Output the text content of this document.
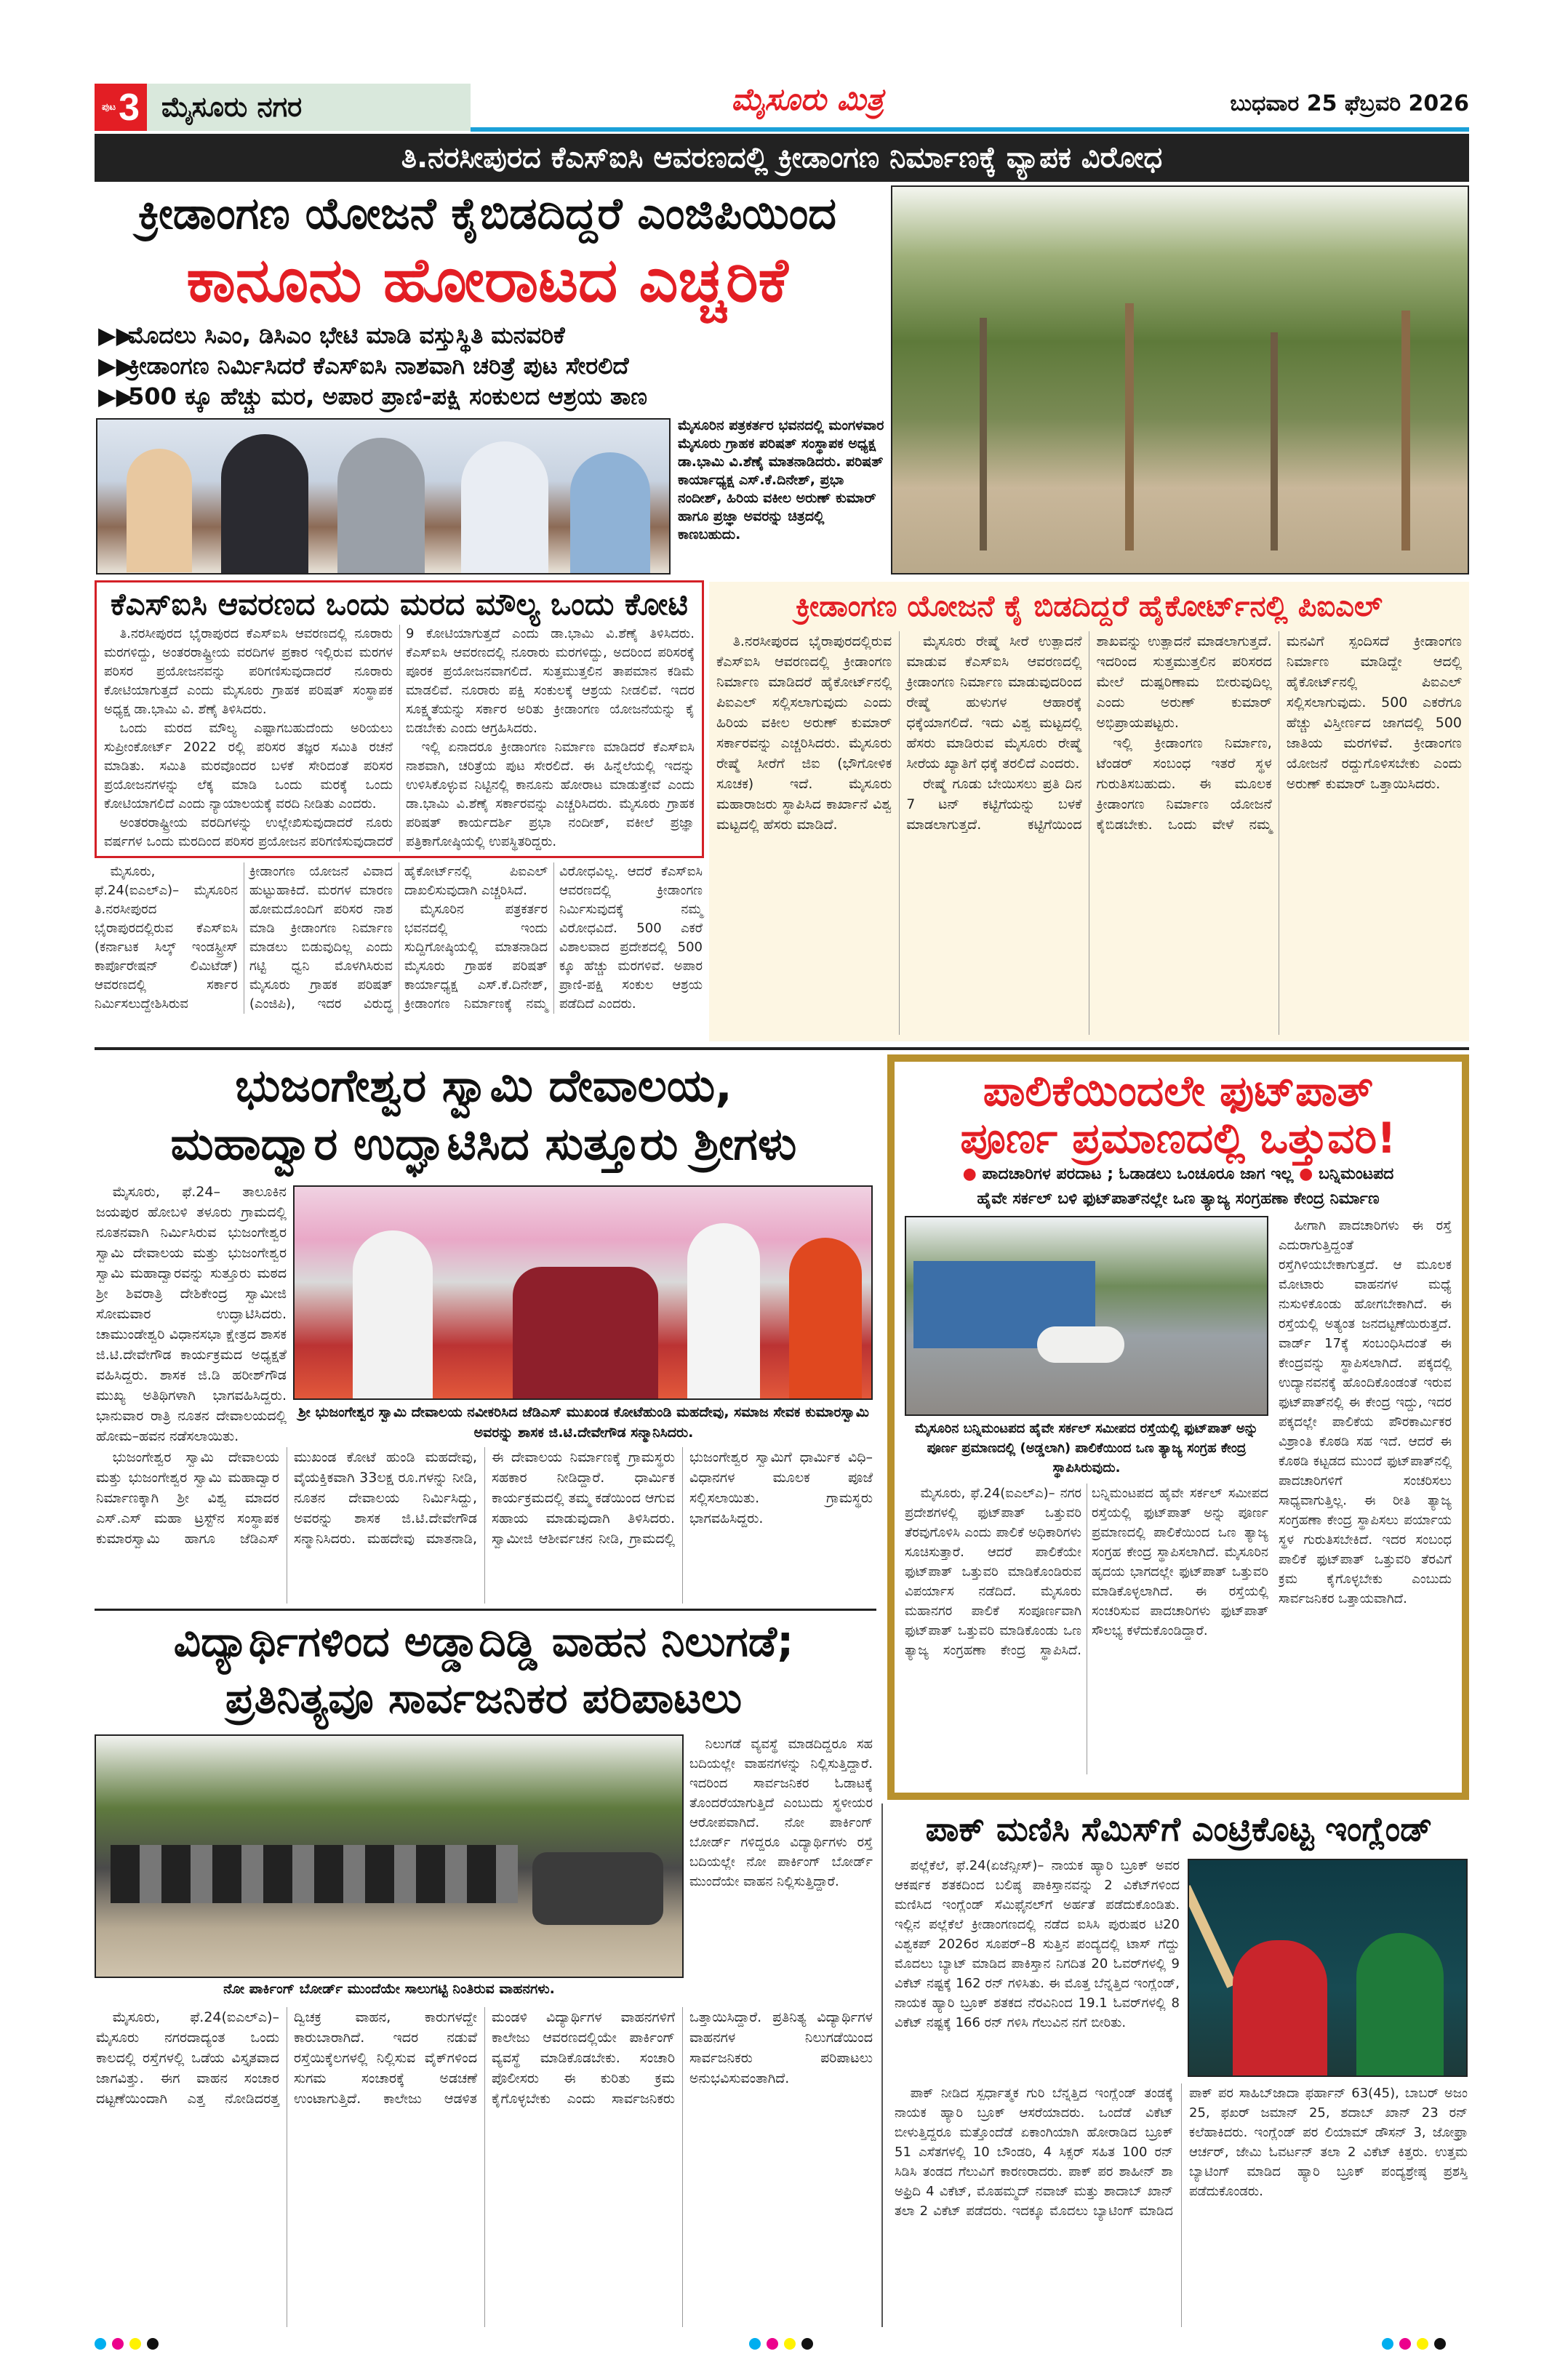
ಪುಟ 3 ಮೈಸೂರು ನಗರ	ಮೈಸೂರು ಮಿತ್ರ	ಬುಧವಾರ 25 ಫೆಬ್ರವರಿ 2026
ತಿ.ನರಸೀಪುರದ ಕೆಎಸ್‌ಐಸಿ ಆವರಣದಲ್ಲಿ ಕ್ರೀಡಾಂಗಣ ನಿರ್ಮಾಣಕ್ಕೆ ವ್ಯಾಪಕ ವಿರೋಧ
ಕ್ರೀಡಾಂಗಣ ಯೋಜನೆ ಕೈಬಿಡದಿದ್ದರೆ ಎಂಜಿಪಿಯಿಂದ
ಕಾನೂನು ಹೋರಾಟದ ಎಚ್ಚರಿಕೆ
▶▶ ಮೊದಲು ಸಿಎಂ, ಡಿಸಿಎಂ ಭೇಟಿ ಮಾಡಿ ವಸ್ತುಸ್ಥಿತಿ ಮನವರಿಕೆ
▶▶ ಕ್ರೀಡಾಂಗಣ ನಿರ್ಮಿಸಿದರೆ ಕೆಎಸ್‌ಐಸಿ ನಾಶವಾಗಿ ಚರಿತ್ರೆ ಪುಟ ಸೇರಲಿದೆ
▶▶ 500 ಕ್ಕೂ ಹೆಚ್ಚು ಮರ, ಅಪಾರ ಪ್ರಾಣಿ-ಪಕ್ಷಿ ಸಂಕುಲದ ಆಶ್ರಯ ತಾಣ
ಮೈಸೂರಿನ ಪತ್ರಕರ್ತರ ಭವನದಲ್ಲಿ ಮಂಗಳವಾರ ಮೈಸೂರು ಗ್ರಾಹಕ ಪರಿಷತ್ ಸಂಸ್ಥಾಪಕ ಅಧ್ಯಕ್ಷ ಡಾ.ಭಾಮಿ ವಿ.ಶೆಣೈ ಮಾತನಾಡಿದರು. ಪರಿಷತ್ ಕಾರ್ಯಾಧ್ಯಕ್ಷ ಎಸ್.ಕೆ.ದಿನೇಶ್, ಪ್ರಭಾ ನಂದೀಶ್, ಹಿರಿಯ ವಕೀಲ ಅರುಣ್ ಕುಮಾರ್ ಹಾಗೂ ಪ್ರಜ್ಞಾ ಅವರನ್ನು ಚಿತ್ರದಲ್ಲಿ ಕಾಣಬಹುದು.
ಕೆಎಸ್‌ಐಸಿ ಆವರಣದ ಒಂದು ಮರದ ಮೌಲ್ಯ ಒಂದು ಕೋಟಿ

ತಿ.ನರಸೀಪುರದ ಭೈರಾಪುರದ ಕೆಎಸ್‌ಐಸಿ ಆವರಣದಲ್ಲಿ ನೂರಾರು ಮರಗಳಿದ್ದು, ಅಂತರರಾಷ್ಟ್ರೀಯ ವರದಿಗಳ ಪ್ರಕಾರ ಇಲ್ಲಿರುವ ಮರಗಳ ಪರಿಸರ ಪ್ರಯೋಜನವನ್ನು ಪರಿಗಣಿಸುವುದಾದರೆ ನೂರಾರು ಕೋಟಿಯಾಗುತ್ತದೆ ಎಂದು ಮೈಸೂರು ಗ್ರಾಹಕ ಪರಿಷತ್ ಸಂಸ್ಥಾಪಕ ಅಧ್ಯಕ್ಷ ಡಾ.ಭಾಮಿ ವಿ. ಶೆಣೈ ತಿಳಿಸಿದರು.

ಒಂದು ಮರದ ಮೌಲ್ಯ ಎಷ್ಟಾಗಬಹುದೆಂದು ಅರಿಯಲು ಸುಪ್ರೀಂಕೋರ್ಟ್ 2022 ರಲ್ಲಿ ಪರಿಸರ ತಜ್ಞರ ಸಮಿತಿ ರಚನೆ ಮಾಡಿತು. ಸಮಿತಿ ಮರವೊಂದರ ಬಳಕೆ ಸೇರಿದಂತೆ ಪರಿಸರ ಪ್ರಯೋಜನಗಳನ್ನು ಲೆಕ್ಕ ಮಾಡಿ ಒಂದು ಮರಕ್ಕೆ ಒಂದು ಕೋಟಿಯಾಗಲಿದೆ ಎಂದು ನ್ಯಾಯಾಲಯಕ್ಕೆ ವರದಿ ನೀಡಿತು ಎಂದರು.

ಅಂತರರಾಷ್ಟ್ರೀಯ ವರದಿಗಳನ್ನು ಉಲ್ಲೇಖಿಸುವುದಾದರೆ ನೂರು ವರ್ಷಗಳ ಒಂದು ಮರದಿಂದ ಪರಿಸರ ಪ್ರಯೋಜನ ಪರಿಗಣಿಸುವುದಾದರೆ 9 ಕೋಟಿಯಾಗುತ್ತದೆ ಎಂದು ಡಾ.ಭಾಮಿ ವಿ.ಶೆಣೈ ತಿಳಿಸಿದರು. ಕೆಎಸ್‌ಐಸಿ ಆವರಣದಲ್ಲಿ ನೂರಾರು ಮರಗಳಿದ್ದು, ಅದರಿಂದ ಪರಿಸರಕ್ಕೆ ಪೂರಕ ಪ್ರಯೋಜನವಾಗಲಿದೆ. ಸುತ್ತಮುತ್ತಲಿನ ತಾಪಮಾನ ಕಡಿಮೆ ಮಾಡಲಿವೆ. ನೂರಾರು ಪಕ್ಷಿ ಸಂಕುಲಕ್ಕೆ ಆಶ್ರಯ ನೀಡಲಿವೆ. ಇದರ ಸೂಕ್ಷ್ಮತೆಯನ್ನು ಸರ್ಕಾರ ಅರಿತು ಕ್ರೀಡಾಂಗಣ ಯೋಜನೆಯನ್ನು ಕೈ ಬಿಡಬೇಕು ಎಂದು ಆಗ್ರಹಿಸಿದರು.

ಇಲ್ಲಿ ಏನಾದರೂ ಕ್ರೀಡಾಂಗಣ ನಿರ್ಮಾಣ ಮಾಡಿದರೆ ಕೆಎಸ್‌ಐಸಿ ನಾಶವಾಗಿ, ಚರಿತ್ರೆಯ ಪುಟ ಸೇರಲಿದೆ. ಈ ಹಿನ್ನೆಲೆಯಲ್ಲಿ ಇದನ್ನು ಉಳಿಸಿಕೊಳ್ಳುವ ನಿಟ್ಟಿನಲ್ಲಿ ಕಾನೂನು ಹೋರಾಟ ಮಾಡುತ್ತೇವೆ ಎಂದು ಡಾ.ಭಾಮಿ ವಿ.ಶೆಣೈ ಸರ್ಕಾರವನ್ನು ಎಚ್ಚರಿಸಿದರು. ಮೈಸೂರು ಗ್ರಾಹಕ ಪರಿಷತ್ ಕಾರ್ಯದರ್ಶಿ ಪ್ರಭಾ ನಂದೀಶ್, ವಕೀಲೆ ಪ್ರಜ್ಞಾ ಪತ್ರಿಕಾಗೋಷ್ಠಿಯಲ್ಲಿ ಉಪಸ್ಥಿತರಿದ್ದರು.

ಮೈಸೂರು, ಫೆ.24(ಐಎಲ್‌ಎ)– ಮೈಸೂರಿನ ತಿ.ನರಸೀಪುರದ ಭೈರಾಪುರದಲ್ಲಿರುವ ಕೆಎಸ್‌ಐಸಿ (ಕರ್ನಾಟಕ ಸಿಲ್ಕ್ ಇಂಡಸ್ಟ್ರೀಸ್ ಕಾರ್ಪೊರೇಷನ್ ಲಿಮಿಟೆಡ್) ಆವರಣದಲ್ಲಿ ಸರ್ಕಾರ ನಿರ್ಮಿಸಲುದ್ದೇಶಿಸಿರುವ ಕ್ರೀಡಾಂಗಣ ಯೋಜನೆ ವಿವಾದ ಹುಟ್ಟುಹಾಕಿದೆ. ಮರಗಳ ಮಾರಣ ಹೋಮದೊಂದಿಗೆ ಪರಿಸರ ನಾಶ ಮಾಡಿ ಕ್ರೀಡಾಂಗಣ ನಿರ್ಮಾಣ ಮಾಡಲು ಬಿಡುವುದಿಲ್ಲ ಎಂದು ಗಟ್ಟಿ ಧ್ವನಿ ಮೊಳಗಿಸಿರುವ ಮೈಸೂರು ಗ್ರಾಹಕ ಪರಿಷತ್ (ಎಂಜಿಪಿ), ಇದರ ವಿರುದ್ಧ ಹೈಕೋರ್ಟ್‌ನಲ್ಲಿ ಪಿಐಎಲ್ ದಾಖಲಿಸುವುದಾಗಿ ಎಚ್ಚರಿಸಿದೆ.

ಮೈಸೂರಿನ ಪತ್ರಕರ್ತರ ಭವನದಲ್ಲಿ ಇಂದು ಸುದ್ದಿಗೋಷ್ಠಿಯಲ್ಲಿ ಮಾತನಾಡಿದ ಮೈಸೂರು ಗ್ರಾಹಕ ಪರಿಷತ್ ಕಾರ್ಯಾಧ್ಯಕ್ಷ ಎಸ್.ಕೆ.ದಿನೇಶ್, ಕ್ರೀಡಾಂಗಣ ನಿರ್ಮಾಣಕ್ಕೆ ನಮ್ಮ ವಿರೋಧವಿಲ್ಲ. ಆದರೆ ಕೆಎಸ್‌ಐಸಿ ಆವರಣದಲ್ಲಿ ಕ್ರೀಡಾಂಗಣ ನಿರ್ಮಿಸುವುದಕ್ಕೆ ನಮ್ಮ ವಿರೋಧವಿದೆ. 500 ಎಕರೆ ವಿಶಾಲವಾದ ಪ್ರದೇಶದಲ್ಲಿ 500 ಕ್ಕೂ ಹೆಚ್ಚು ಮರಗಳಿವೆ. ಅಪಾರ ಪ್ರಾಣಿ-ಪಕ್ಷಿ ಸಂಕುಲ ಆಶ್ರಯ ಪಡೆದಿದೆ ಎಂದರು.

ಕ್ರೀಡಾಂಗಣ ಯೋಜನೆ ಕೈ ಬಿಡದಿದ್ದರೆ ಹೈಕೋರ್ಟ್‌ನಲ್ಲಿ ಪಿಐಎಲ್

ತಿ.ನರಸೀಪುರದ ಭೈರಾಪುರದಲ್ಲಿರುವ ಕೆಎಸ್‌ಐಸಿ ಆವರಣದಲ್ಲಿ ಕ್ರೀಡಾಂಗಣ ನಿರ್ಮಾಣ ಮಾಡಿದರೆ ಹೈಕೋರ್ಟ್‌ನಲ್ಲಿ ಪಿಐಎಲ್ ಸಲ್ಲಿಸಲಾಗುವುದು ಎಂದು ಹಿರಿಯ ವಕೀಲ ಅರುಣ್ ಕುಮಾರ್ ಸರ್ಕಾರವನ್ನು ಎಚ್ಚರಿಸಿದರು. ಮೈಸೂರು ರೇಷ್ಮೆ ಸೀರೆಗೆ ಜಿಐ (ಭೌಗೋಳಿಕ ಸೂಚಕ) ಇದೆ. ಮೈಸೂರು ಮಹಾರಾಜರು ಸ್ಥಾಪಿಸಿದ ಕಾರ್ಖಾನೆ ವಿಶ್ವ ಮಟ್ಟದಲ್ಲಿ ಹೆಸರು ಮಾಡಿದೆ.

ಮೈಸೂರು ರೇಷ್ಮೆ ಸೀರೆ ಉತ್ಪಾದನೆ ಮಾಡುವ ಕೆಎಸ್‌ಐಸಿ ಆವರಣದಲ್ಲಿ ಕ್ರೀಡಾಂಗಣ ನಿರ್ಮಾಣ ಮಾಡುವುದರಿಂದ ರೇಷ್ಮೆ ಹುಳುಗಳ ಆಹಾರಕ್ಕೆ ಧಕ್ಕೆಯಾಗಲಿದೆ. ಇದು ವಿಶ್ವ ಮಟ್ಟದಲ್ಲಿ ಹೆಸರು ಮಾಡಿರುವ ಮೈಸೂರು ರೇಷ್ಮೆ ಸೀರೆಯ ಖ್ಯಾತಿಗೆ ಧಕ್ಕೆ ತರಲಿದೆ ಎಂದರು.

ರೇಷ್ಮೆ ಗೂಡು ಬೇಯಿಸಲು ಪ್ರತಿ ದಿನ 7 ಟನ್ ಕಟ್ಟಿಗೆಯನ್ನು ಬಳಕೆ ಮಾಡಲಾಗುತ್ತದೆ. ಕಟ್ಟಿಗೆಯಿಂದ ಶಾಖವನ್ನು ಉತ್ಪಾದನೆ ಮಾಡಲಾಗುತ್ತದೆ. ಇದರಿಂದ ಸುತ್ತಮುತ್ತಲಿನ ಪರಿಸರದ ಮೇಲೆ ದುಷ್ಪರಿಣಾಮ ಬೀರುವುದಿಲ್ಲ ಎಂದು ಅರುಣ್ ಕುಮಾರ್ ಅಭಿಪ್ರಾಯಪಟ್ಟರು.

ಇಲ್ಲಿ ಕ್ರೀಡಾಂಗಣ ನಿರ್ಮಾಣ, ಟೆಂಡರ್ ಸಂಬಂಧ ಇತರೆ ಸ್ಥಳ ಗುರುತಿಸಬಹುದು. ಈ ಮೂಲಕ ಕ್ರೀಡಾಂಗಣ ನಿರ್ಮಾಣ ಯೋಜನೆ ಕೈಬಿಡಬೇಕು. ಒಂದು ವೇಳೆ ನಮ್ಮ ಮನವಿಗೆ ಸ್ಪಂದಿಸದೆ ಕ್ರೀಡಾಂಗಣ ನಿರ್ಮಾಣ ಮಾಡಿದ್ದೇ ಆದಲ್ಲಿ ಹೈಕೋರ್ಟ್‌ನಲ್ಲಿ ಪಿಐಎಲ್ ಸಲ್ಲಿಸಲಾಗುವುದು. 500 ಎಕರೆಗೂ ಹೆಚ್ಚು ವಿಸ್ತೀರ್ಣದ ಜಾಗದಲ್ಲಿ 500 ಜಾತಿಯ ಮರಗಳಿವೆ. ಕ್ರೀಡಾಂಗಣ ಯೋಜನೆ ರದ್ದುಗೊಳಿಸಬೇಕು ಎಂದು ಅರುಣ್ ಕುಮಾರ್ ಒತ್ತಾಯಿಸಿದರು.

ಭುಜಂಗೇಶ್ವರ ಸ್ವಾಮಿ ದೇವಾಲಯ,
ಮಹಾದ್ವಾರ ಉದ್ಘಾಟಿಸಿದ ಸುತ್ತೂರು ಶ್ರೀಗಳು

ಮೈಸೂರು, ಫೆ.24– ತಾಲೂಕಿನ ಜಯಪುರ ಹೋಬಳಿ ತಳೂರು ಗ್ರಾಮದಲ್ಲಿ ನೂತನವಾಗಿ ನಿರ್ಮಿಸಿರುವ ಭುಜಂಗೇಶ್ವರ ಸ್ವಾಮಿ ದೇವಾಲಯ ಮತ್ತು ಭುಜಂಗೇಶ್ವರ ಸ್ವಾಮಿ ಮಹಾದ್ವಾರವನ್ನು ಸುತ್ತೂರು ಮಠದ ಶ್ರೀ ಶಿವರಾತ್ರಿ ದೇಶಿಕೇಂದ್ರ ಸ್ವಾಮೀಜಿ ಸೋಮವಾರ ಉದ್ಘಾಟಿಸಿದರು. ಚಾಮುಂಡೇಶ್ವರಿ ವಿಧಾನಸಭಾ ಕ್ಷೇತ್ರದ ಶಾಸಕ ಜಿ.ಟಿ.ದೇವೇಗೌಡ ಕಾರ್ಯಕ್ರಮದ ಅಧ್ಯಕ್ಷತೆ ವಹಿಸಿದ್ದರು. ಶಾಸಕ ಜಿ.ಡಿ ಹರೀಶ್‌ಗೌಡ ಮುಖ್ಯ ಅತಿಥಿಗಳಾಗಿ ಭಾಗವಹಿಸಿದ್ದರು. ಭಾನುವಾರ ರಾತ್ರಿ ನೂತನ ದೇವಾಲಯದಲ್ಲಿ ಹೋಮ–ಹವನ ನಡೆಸಲಾಯಿತು.

ಶ್ರೀ ಭುಜಂಗೇಶ್ವರ ಸ್ವಾಮಿ ದೇವಾಲಯ ನವೀಕರಿಸಿದ ಜೆಡಿಎಸ್ ಮುಖಂಡ ಕೋಟೆಹುಂಡಿ ಮಹದೇವು, ಸಮಾಜ ಸೇವಕ ಕುಮಾರಸ್ವಾಮಿ ಅವರನ್ನು ಶಾಸಕ ಜಿ.ಟಿ.ದೇವೇಗೌಡ ಸನ್ಮಾನಿಸಿದರು.

ಭುಜಂಗೇಶ್ವರ ಸ್ವಾಮಿ ದೇವಾಲಯ ಮತ್ತು ಭುಜಂಗೇಶ್ವರ ಸ್ವಾಮಿ ಮಹಾದ್ವಾರ ನಿರ್ಮಾಣಕ್ಕಾಗಿ ಶ್ರೀ ವಿಶ್ವ ಮಾದರ ಎಸ್.ಎಸ್ ಮಹಾ ಟ್ರಸ್ಟ್‌ನ ಸಂಸ್ಥಾಪಕ ಕುಮಾರಸ್ವಾಮಿ ಹಾಗೂ ಜೆಡಿಎಸ್ ಮುಖಂಡ ಕೋಟೆ ಹುಂಡಿ ಮಹದೇವು, ವೈಯಕ್ತಿಕವಾಗಿ 33ಲಕ್ಷ ರೂ.ಗಳನ್ನು ನೀಡಿ, ನೂತನ ದೇವಾಲಯ ನಿರ್ಮಿಸಿದ್ದು, ಅವರನ್ನು ಶಾಸಕ ಜಿ.ಟಿ.ದೇವೇಗೌಡ ಸನ್ಮಾನಿಸಿದರು. ಮಹದೇವು ಮಾತನಾಡಿ, ಈ ದೇವಾಲಯ ನಿರ್ಮಾಣಕ್ಕೆ ಗ್ರಾಮಸ್ಥರು ಸಹಕಾರ ನೀಡಿದ್ದಾರೆ. ಧಾರ್ಮಿಕ ಕಾರ್ಯಕ್ರಮದಲ್ಲಿ ತಮ್ಮ ಕಡೆಯಿಂದ ಆಗುವ ಸಹಾಯ ಮಾಡುವುದಾಗಿ ತಿಳಿಸಿದರು. ಸ್ವಾಮೀಜಿ ಆಶೀರ್ವಚನ ನೀಡಿ, ಗ್ರಾಮದಲ್ಲಿ ಭುಜಂಗೇಶ್ವರ ಸ್ವಾಮಿಗೆ ಧಾರ್ಮಿಕ ವಿಧಿ–ವಿಧಾನಗಳ ಮೂಲಕ ಪೂಜೆ ಸಲ್ಲಿಸಲಾಯಿತು. ಗ್ರಾಮಸ್ಥರು ಭಾಗವಹಿಸಿದ್ದರು.

ಪಾಲಿಕೆಯಿಂದಲೇ ಫುಟ್‌ಪಾತ್
ಪೂರ್ಣ ಪ್ರಮಾಣದಲ್ಲಿ ಒತ್ತುವರಿ!
● ಪಾದಚಾರಿಗಳ ಪರದಾಟ ; ಓಡಾಡಲು ಒಂಚೂರೂ ಜಾಗ ಇಲ್ಲ ● ಬನ್ನಿಮಂಟಪದ
ಹೈವೇ ಸರ್ಕಲ್ ಬಳಿ ಫುಟ್‌ಪಾತ್‌ನಲ್ಲೇ ಒಣ ತ್ಯಾಜ್ಯ ಸಂಗ್ರಹಣಾ ಕೇಂದ್ರ ನಿರ್ಮಾಣ
ಮೈಸೂರಿನ ಬನ್ನಿಮಂಟಪದ ಹೈವೇ ಸರ್ಕಲ್ ಸಮೀಪದ ರಸ್ತೆಯಲ್ಲಿ ಫುಟ್‌ಪಾತ್ ಅನ್ನು ಪೂರ್ಣ ಪ್ರಮಾಣದಲ್ಲಿ (ಅಡ್ಡಲಾಗಿ) ಪಾಲಿಕೆಯಿಂದ ಒಣ ತ್ಯಾಜ್ಯ ಸಂಗ್ರಹ ಕೇಂದ್ರ ಸ್ಥಾಪಿಸಿರುವುದು.

ಮೈಸೂರು, ಫೆ.24(ಐಎಲ್‌ಎ)– ನಗರ ಪ್ರದೇಶಗಳಲ್ಲಿ ಫುಟ್‌ಪಾತ್ ಒತ್ತುವರಿ ತೆರವುಗೊಳಿಸಿ ಎಂದು ಪಾಲಿಕೆ ಅಧಿಕಾರಿಗಳು ಸೂಚಿಸುತ್ತಾರೆ. ಆದರೆ ಪಾಲಿಕೆಯೇ ಫುಟ್‌ಪಾತ್ ಒತ್ತುವರಿ ಮಾಡಿಕೊಂಡಿರುವ ವಿಪರ್ಯಾಸ ನಡೆದಿದೆ. ಮೈಸೂರು ಮಹಾನಗರ ಪಾಲಿಕೆ ಸಂಪೂರ್ಣವಾಗಿ ಫುಟ್‌ಪಾತ್ ಒತ್ತುವರಿ ಮಾಡಿಕೊಂಡು ಒಣ ತ್ಯಾಜ್ಯ ಸಂಗ್ರಹಣಾ ಕೇಂದ್ರ ಸ್ಥಾಪಿಸಿದೆ. ಬನ್ನಿಮಂಟಪದ ಹೈವೇ ಸರ್ಕಲ್ ಸಮೀಪದ ರಸ್ತೆಯಲ್ಲಿ ಫುಟ್‌ಪಾತ್ ಅನ್ನು ಪೂರ್ಣ ಪ್ರಮಾಣದಲ್ಲಿ ಪಾಲಿಕೆಯಿಂದ ಒಣ ತ್ಯಾಜ್ಯ ಸಂಗ್ರಹ ಕೇಂದ್ರ ಸ್ಥಾಪಿಸಲಾಗಿದೆ. ಮೈಸೂರಿನ ಹೃದಯ ಭಾಗದಲ್ಲೇ ಫುಟ್‌ಪಾತ್ ಒತ್ತುವರಿ ಮಾಡಿಕೊಳ್ಳಲಾಗಿದೆ. ಈ ರಸ್ತೆಯಲ್ಲಿ ಸಂಚರಿಸುವ ಪಾದಚಾರಿಗಳು ಫುಟ್‌ಪಾತ್ ಸೌಲಭ್ಯ ಕಳೆದುಕೊಂಡಿದ್ದಾರೆ.

ಹೀಗಾಗಿ ಪಾದಚಾರಿಗಳು ಈ ರಸ್ತೆ ಎದುರಾಗುತ್ತಿದ್ದಂತೆ ರಸ್ತೆಗಿಳಿಯಬೇಕಾಗುತ್ತದೆ. ಆ ಮೂಲಕ ಮೋಟಾರು ವಾಹನಗಳ ಮಧ್ಯೆ ನುಸುಳಿಕೊಂಡು ಹೋಗಬೇಕಾಗಿದೆ. ಈ ರಸ್ತೆಯಲ್ಲಿ ಅತ್ಯಂತ ಜನದಟ್ಟಣೆಯಿರುತ್ತದೆ. ವಾರ್ಡ್ 17ಕ್ಕೆ ಸಂಬಂಧಿಸಿದಂತೆ ಈ ಕೇಂದ್ರವನ್ನು ಸ್ಥಾಪಿಸಲಾಗಿದೆ. ಪಕ್ಕದಲ್ಲಿ ಉದ್ಯಾನವನಕ್ಕೆ ಹೊಂದಿಕೊಂಡಂತೆ ಇರುವ ಫುಟ್‌ಪಾತ್‌ನಲ್ಲಿ ಈ ಕೇಂದ್ರ ಇದ್ದು, ಇದರ ಪಕ್ಕದಲ್ಲೇ ಪಾಲಿಕೆಯ ಪೌರಕಾರ್ಮಿಕರ ವಿಶ್ರಾಂತಿ ಕೊಠಡಿ ಸಹ ಇದೆ. ಆದರೆ ಈ ಕೊಠಡಿ ಕಟ್ಟಡದ ಮುಂದೆ ಫುಟ್‌ಪಾತ್‌ನಲ್ಲಿ ಪಾದಚಾರಿಗಳಿಗೆ ಸಂಚರಿಸಲು ಸಾಧ್ಯವಾಗುತ್ತಿಲ್ಲ. ಈ ರೀತಿ ತ್ಯಾಜ್ಯ ಸಂಗ್ರಹಣಾ ಕೇಂದ್ರ ಸ್ಥಾಪಿಸಲು ಪರ್ಯಾಯ ಸ್ಥಳ ಗುರುತಿಸಬೇಕಿದೆ. ಇದರ ಸಂಬಂಧ ಪಾಲಿಕೆ ಫುಟ್‌ಪಾತ್ ಒತ್ತುವರಿ ತೆರವಿಗೆ ಕ್ರಮ ಕೈಗೊಳ್ಳಬೇಕು ಎಂಬುದು ಸಾರ್ವಜನಿಕರ ಒತ್ತಾಯವಾಗಿದೆ.

ವಿದ್ಯಾರ್ಥಿಗಳಿಂದ ಅಡ್ಡಾದಿಡ್ಡಿ ವಾಹನ ನಿಲುಗಡೆ;
ಪ್ರತಿನಿತ್ಯವೂ ಸಾರ್ವಜನಿಕರ ಪರಿಪಾಟಲು
ನೋ ಪಾರ್ಕಿಂಗ್ ಬೋರ್ಡ್ ಮುಂದೆಯೇ ಸಾಲುಗಟ್ಟಿ ನಿಂತಿರುವ ವಾಹನಗಳು.

ನಿಲುಗಡೆ ವ್ಯವಸ್ಥೆ ಮಾಡದಿದ್ದರೂ ಸಹ ಬದಿಯಲ್ಲೇ ವಾಹನಗಳನ್ನು ನಿಲ್ಲಿಸುತ್ತಿದ್ದಾರೆ. ಇದರಿಂದ ಸಾರ್ವಜನಿಕರ ಓಡಾಟಕ್ಕೆ ತೊಂದರೆಯಾಗುತ್ತಿದೆ ಎಂಬುದು ಸ್ಥಳೀಯರ ಆರೋಪವಾಗಿದೆ. ನೋ ಪಾರ್ಕಿಂಗ್ ಬೋರ್ಡ್ ಗಳಿದ್ದರೂ ವಿದ್ಯಾರ್ಥಿಗಳು ರಸ್ತೆ ಬದಿಯಲ್ಲೇ ನೋ ಪಾರ್ಕಿಂಗ್ ಬೋರ್ಡ್ ಮುಂದೆಯೇ ವಾಹನ ನಿಲ್ಲಿಸುತ್ತಿದ್ದಾರೆ.

ಮೈಸೂರು, ಫೆ.24(ಐಎಲ್‌ಎ)– ಮೈಸೂರು ನಗರದಾದ್ಯಂತ ಒಂದು ಕಾಲದಲ್ಲಿ ರಸ್ತೆಗಳಲ್ಲಿ ಒಡೆಯ ವಿಸ್ತೃತವಾದ ಜಾಗವಿತ್ತು. ಈಗ ವಾಹನ ಸಂಚಾರ ದಟ್ಟಣೆಯಿಂದಾಗಿ ಎತ್ತ ನೋಡಿದರತ್ತ ದ್ವಿಚಕ್ರ ವಾಹನ, ಕಾರುಗಳದ್ದೇ ಕಾರುಬಾರಾಗಿದೆ. ಇದರ ನಡುವೆ ರಸ್ತೆಯಿಕ್ಕೆಲಗಳಲ್ಲಿ ನಿಲ್ಲಿಸುವ ವೈಕ್‌ಗಳಿಂದ ಸುಗಮ ಸಂಚಾರಕ್ಕೆ ಅಡಚಣೆ ಉಂಟಾಗುತ್ತಿದೆ. ಕಾಲೇಜು ಆಡಳಿತ ಮಂಡಳಿ ವಿದ್ಯಾರ್ಥಿಗಳ ವಾಹನಗಳಿಗೆ ಕಾಲೇಜು ಆವರಣದಲ್ಲಿಯೇ ಪಾರ್ಕಿಂಗ್ ವ್ಯವಸ್ಥೆ ಮಾಡಿಕೊಡಬೇಕು. ಸಂಚಾರಿ ಪೊಲೀಸರು ಈ ಕುರಿತು ಕ್ರಮ ಕೈಗೊಳ್ಳಬೇಕು ಎಂದು ಸಾರ್ವಜನಿಕರು ಒತ್ತಾಯಿಸಿದ್ದಾರೆ. ಪ್ರತಿನಿತ್ಯ ವಿದ್ಯಾರ್ಥಿಗಳ ವಾಹನಗಳ ನಿಲುಗಡೆಯಿಂದ ಸಾರ್ವಜನಿಕರು ಪರಿಪಾಟಲು ಅನುಭವಿಸುವಂತಾಗಿದೆ.

ಪಾಕ್ ಮಣಿಸಿ ಸೆಮಿಸ್‌ಗೆ ಎಂಟ್ರಿಕೊಟ್ಟ ಇಂಗ್ಲೆಂಡ್

ಪಲ್ಲೆಕೆಲೆ, ಫೆ.24(ಏಜೆನ್ಸೀಸ್)– ನಾಯಕ ಹ್ಯಾರಿ ಬ್ರೂಕ್ ಅವರ ಆಕರ್ಷಕ ಶತಕದಿಂದ ಬಲಿಷ್ಠ ಪಾಕಿಸ್ತಾನವನ್ನು 2 ವಿಕೆಟ್‌ಗಳಿಂದ ಮಣಿಸಿದ ಇಂಗ್ಲೆಂಡ್ ಸೆಮಿಫೈನಲ್‌ಗೆ ಅರ್ಹತೆ ಪಡೆದುಕೊಂಡಿತು. ಇಲ್ಲಿನ ಪಲ್ಲೆಕೆಲೆ ಕ್ರೀಡಾಂಗಣದಲ್ಲಿ ನಡೆದ ಐಸಿಸಿ ಪುರುಷರ ಟಿ20 ವಿಶ್ವಕಪ್ 2026ರ ಸೂಪರ್–8 ಸುತ್ತಿನ ಪಂದ್ಯದಲ್ಲಿ ಟಾಸ್ ಗೆದ್ದು ಮೊದಲು ಬ್ಯಾಟ್ ಮಾಡಿದ ಪಾಕಿಸ್ತಾನ ನಿಗದಿತ 20 ಓವರ್‌ಗಳಲ್ಲಿ 9 ವಿಕೆಟ್ ನಷ್ಟಕ್ಕೆ 162 ರನ್ ಗಳಿಸಿತು. ಈ ಮೊತ್ತ ಬೆನ್ನತ್ತಿದ ಇಂಗ್ಲೆಂಡ್, ನಾಯಕ ಹ್ಯಾರಿ ಬ್ರೂಕ್ ಶತಕದ ನೆರವಿನಿಂದ 19.1 ಓವರ್‌ಗಳಲ್ಲಿ 8 ವಿಕೆಟ್ ನಷ್ಟಕ್ಕೆ 166 ರನ್ ಗಳಿಸಿ ಗೆಲುವಿನ ನಗೆ ಬೀರಿತು.

ಪಾಕ್ ನೀಡಿದ ಸ್ಪರ್ಧಾತ್ಮಕ ಗುರಿ ಬೆನ್ನತ್ತಿದ ಇಂಗ್ಲೆಂಡ್ ತಂಡಕ್ಕೆ ನಾಯಕ ಹ್ಯಾರಿ ಬ್ರೂಕ್ ಆಸರೆಯಾದರು. ಒಂದೆಡೆ ವಿಕೆಟ್ ಬೀಳುತ್ತಿದ್ದರೂ ಮತ್ತೊಂದೆಡೆ ಏಕಾಂಗಿಯಾಗಿ ಹೋರಾಡಿದ ಬ್ರೂಕ್ 51 ಎಸೆತಗಳಲ್ಲಿ 10 ಬೌಂಡರಿ, 4 ಸಿಕ್ಸರ್ ಸಹಿತ 100 ರನ್ ಸಿಡಿಸಿ ತಂಡದ ಗೆಲುವಿಗೆ ಕಾರಣರಾದರು. ಪಾಕ್ ಪರ ಶಾಹೀನ್ ಶಾ ಅಫ್ರಿದಿ 4 ವಿಕೆಟ್, ಮೊಹಮ್ಮದ್ ನವಾಜ್ ಮತ್ತು ಶಾದಾಬ್ ಖಾನ್ ತಲಾ 2 ವಿಕೆಟ್ ಪಡೆದರು. ಇದಕ್ಕೂ ಮೊದಲು ಬ್ಯಾಟಿಂಗ್ ಮಾಡಿದ ಪಾಕ್ ಪರ ಸಾಹಿಬ್‌ಜಾದಾ ಫರ್ಹಾನ್ 63(45), ಬಾಬರ್ ಅಜಂ 25, ಫಖರ್ ಜಮಾನ್ 25, ಶದಾಬ್ ಖಾನ್ 23 ರನ್ ಕಲೆಹಾಕಿದರು. ಇಂಗ್ಲೆಂಡ್ ಪರ ಲಿಯಾಮ್ ಡೌಸನ್ 3, ಜೋಫ್ರಾ ಆರ್ಚರ್, ಜೇಮಿ ಓವರ್ಟನ್ ತಲಾ 2 ವಿಕೆಟ್ ಕಿತ್ತರು. ಉತ್ತಮ ಬ್ಯಾಟಿಂಗ್ ಮಾಡಿದ ಹ್ಯಾರಿ ಬ್ರೂಕ್ ಪಂದ್ಯಶ್ರೇಷ್ಠ ಪ್ರಶಸ್ತಿ ಪಡೆದುಕೊಂಡರು.
